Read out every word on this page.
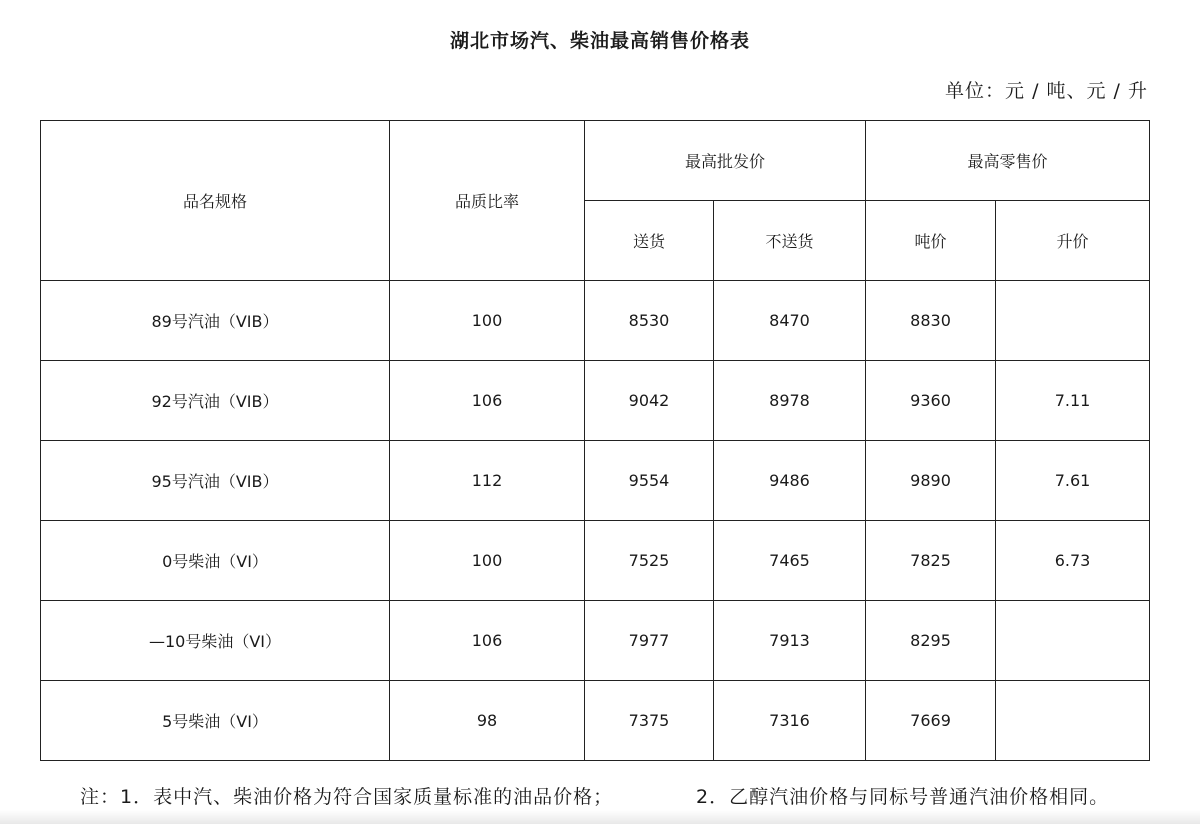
湖北市场汽、柴油最高销售价格表
单位：元 / 吨、元 / 升
品名规格	品质比率	最高批发价		最高零售价	
		送货	不送货	吨价	升价
89号汽油（VIB）	100	8530	8470	8830	
92号汽油（VIB）	106	9042	8978	9360	7.11
95号汽油（VIB）	112	9554	9486	9890	7.61
0号柴油（VI）	100	7525	7465	7825	6.73
—10号柴油（VI）	106	7977	7913	8295	
5号柴油（VI）	98	7375	7316	7669	
注：1．表中汽、柴油价格为符合国家质量标准的油品价格；	2．乙醇汽油价格与同标号普通汽油价格相同。
